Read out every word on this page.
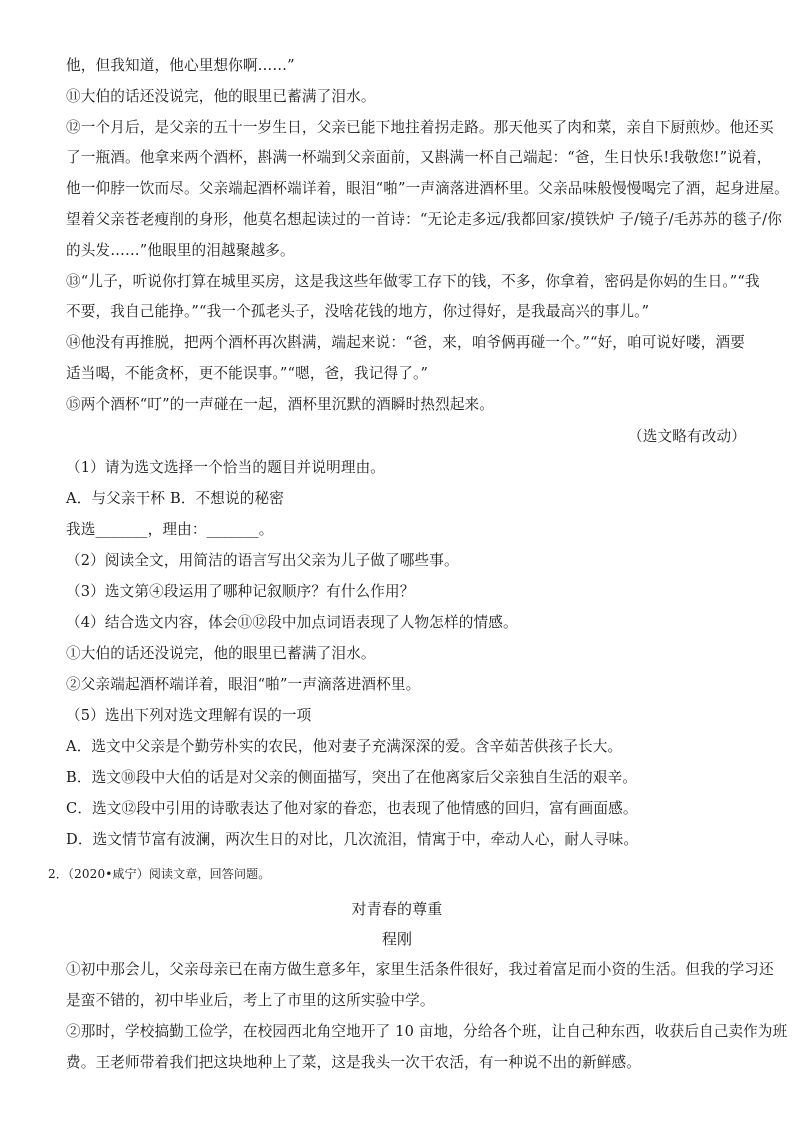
他，但我知道，他心里想你啊……”
⑪大伯的话还没说完，他的眼里已蓄满了泪水。
⑫一个月后，是父亲的五十一岁生日，父亲已能下地拄着拐走路。那天他买了肉和菜，亲自下厨煎炒。他还买
了一瓶酒。他拿来两个酒杯，斟满一杯端到父亲面前，又斟满一杯自己端起：“爸，生日快乐!我敬您!”说着，
他一仰脖一饮而尽。父亲端起酒杯端详着，眼泪“啪”一声滴落进酒杯里。父亲品味般慢慢喝完了酒，起身进屋。
望着父亲苍老瘦削的身形，他莫名想起读过的一首诗：“无论走多远/我都回家/摸铁炉 子/镜子/毛苏苏的毯子/你
的头发……”他眼里的泪越聚越多。
⑬“儿子，听说你打算在城里买房，这是我这些年做零工存下的钱，不多，你拿着，密码是你妈的生日。”“我
不要，我自己能挣。”“我一个孤老头子，没啥花钱的地方，你过得好，是我最高兴的事儿。”
⑭他没有再推脱，把两个酒杯再次斟满，端起来说：“爸，来，咱爷俩再碰一个。”“好，咱可说好喽，酒要
适当喝，不能贪杯，更不能误事。”“嗯，爸，我记得了。”
⑮两个酒杯“叮”的一声碰在一起，酒杯里沉默的酒瞬时热烈起来。
（选文略有改动）
（1）请为选文选择一个恰当的题目并说明理由。
A．与父亲干杯 B．不想说的秘密
我选_______，理由：_______。
（2）阅读全文，用简洁的语言写出父亲为儿子做了哪些事。
（3）选文第④段运用了哪种记叙顺序？有什么作用？
（4）结合选文内容，体会⑪⑫段中加点词语表现了人物怎样的情感。
①大伯的话还没说完，他的眼里已蓄满了泪水。
②父亲端起酒杯端详着，眼泪“啪”一声滴落进酒杯里。
（5）选出下列对选文理解有误的一项
A．选文中父亲是个勤劳朴实的农民，他对妻子充满深深的爱。含辛茹苦供孩子长大。
B．选文⑩段中大伯的话是对父亲的侧面描写，突出了在他离家后父亲独自生活的艰辛。
C．选文⑫段中引用的诗歌表达了他对家的眷恋，也表现了他情感的回归，富有画面感。
D．选文情节富有波澜，两次生日的对比，几次流泪，情寓于中，牵动人心，耐人寻味。
2．（2020•咸宁）阅读文章，回答问题。
对青春的尊重
程刚
①初中那会儿，父亲母亲已在南方做生意多年，家里生活条件很好，我过着富足而小资的生活。但我的学习还
是蛮不错的，初中毕业后，考上了市里的这所实验中学。
②那时，学校搞勤工俭学，在校园西北角空地开了 10 亩地，分给各个班，让自己种东西，收获后自己卖作为班
费。王老师带着我们把这块地种上了菜，这是我头一次干农活，有一种说不出的新鲜感。
